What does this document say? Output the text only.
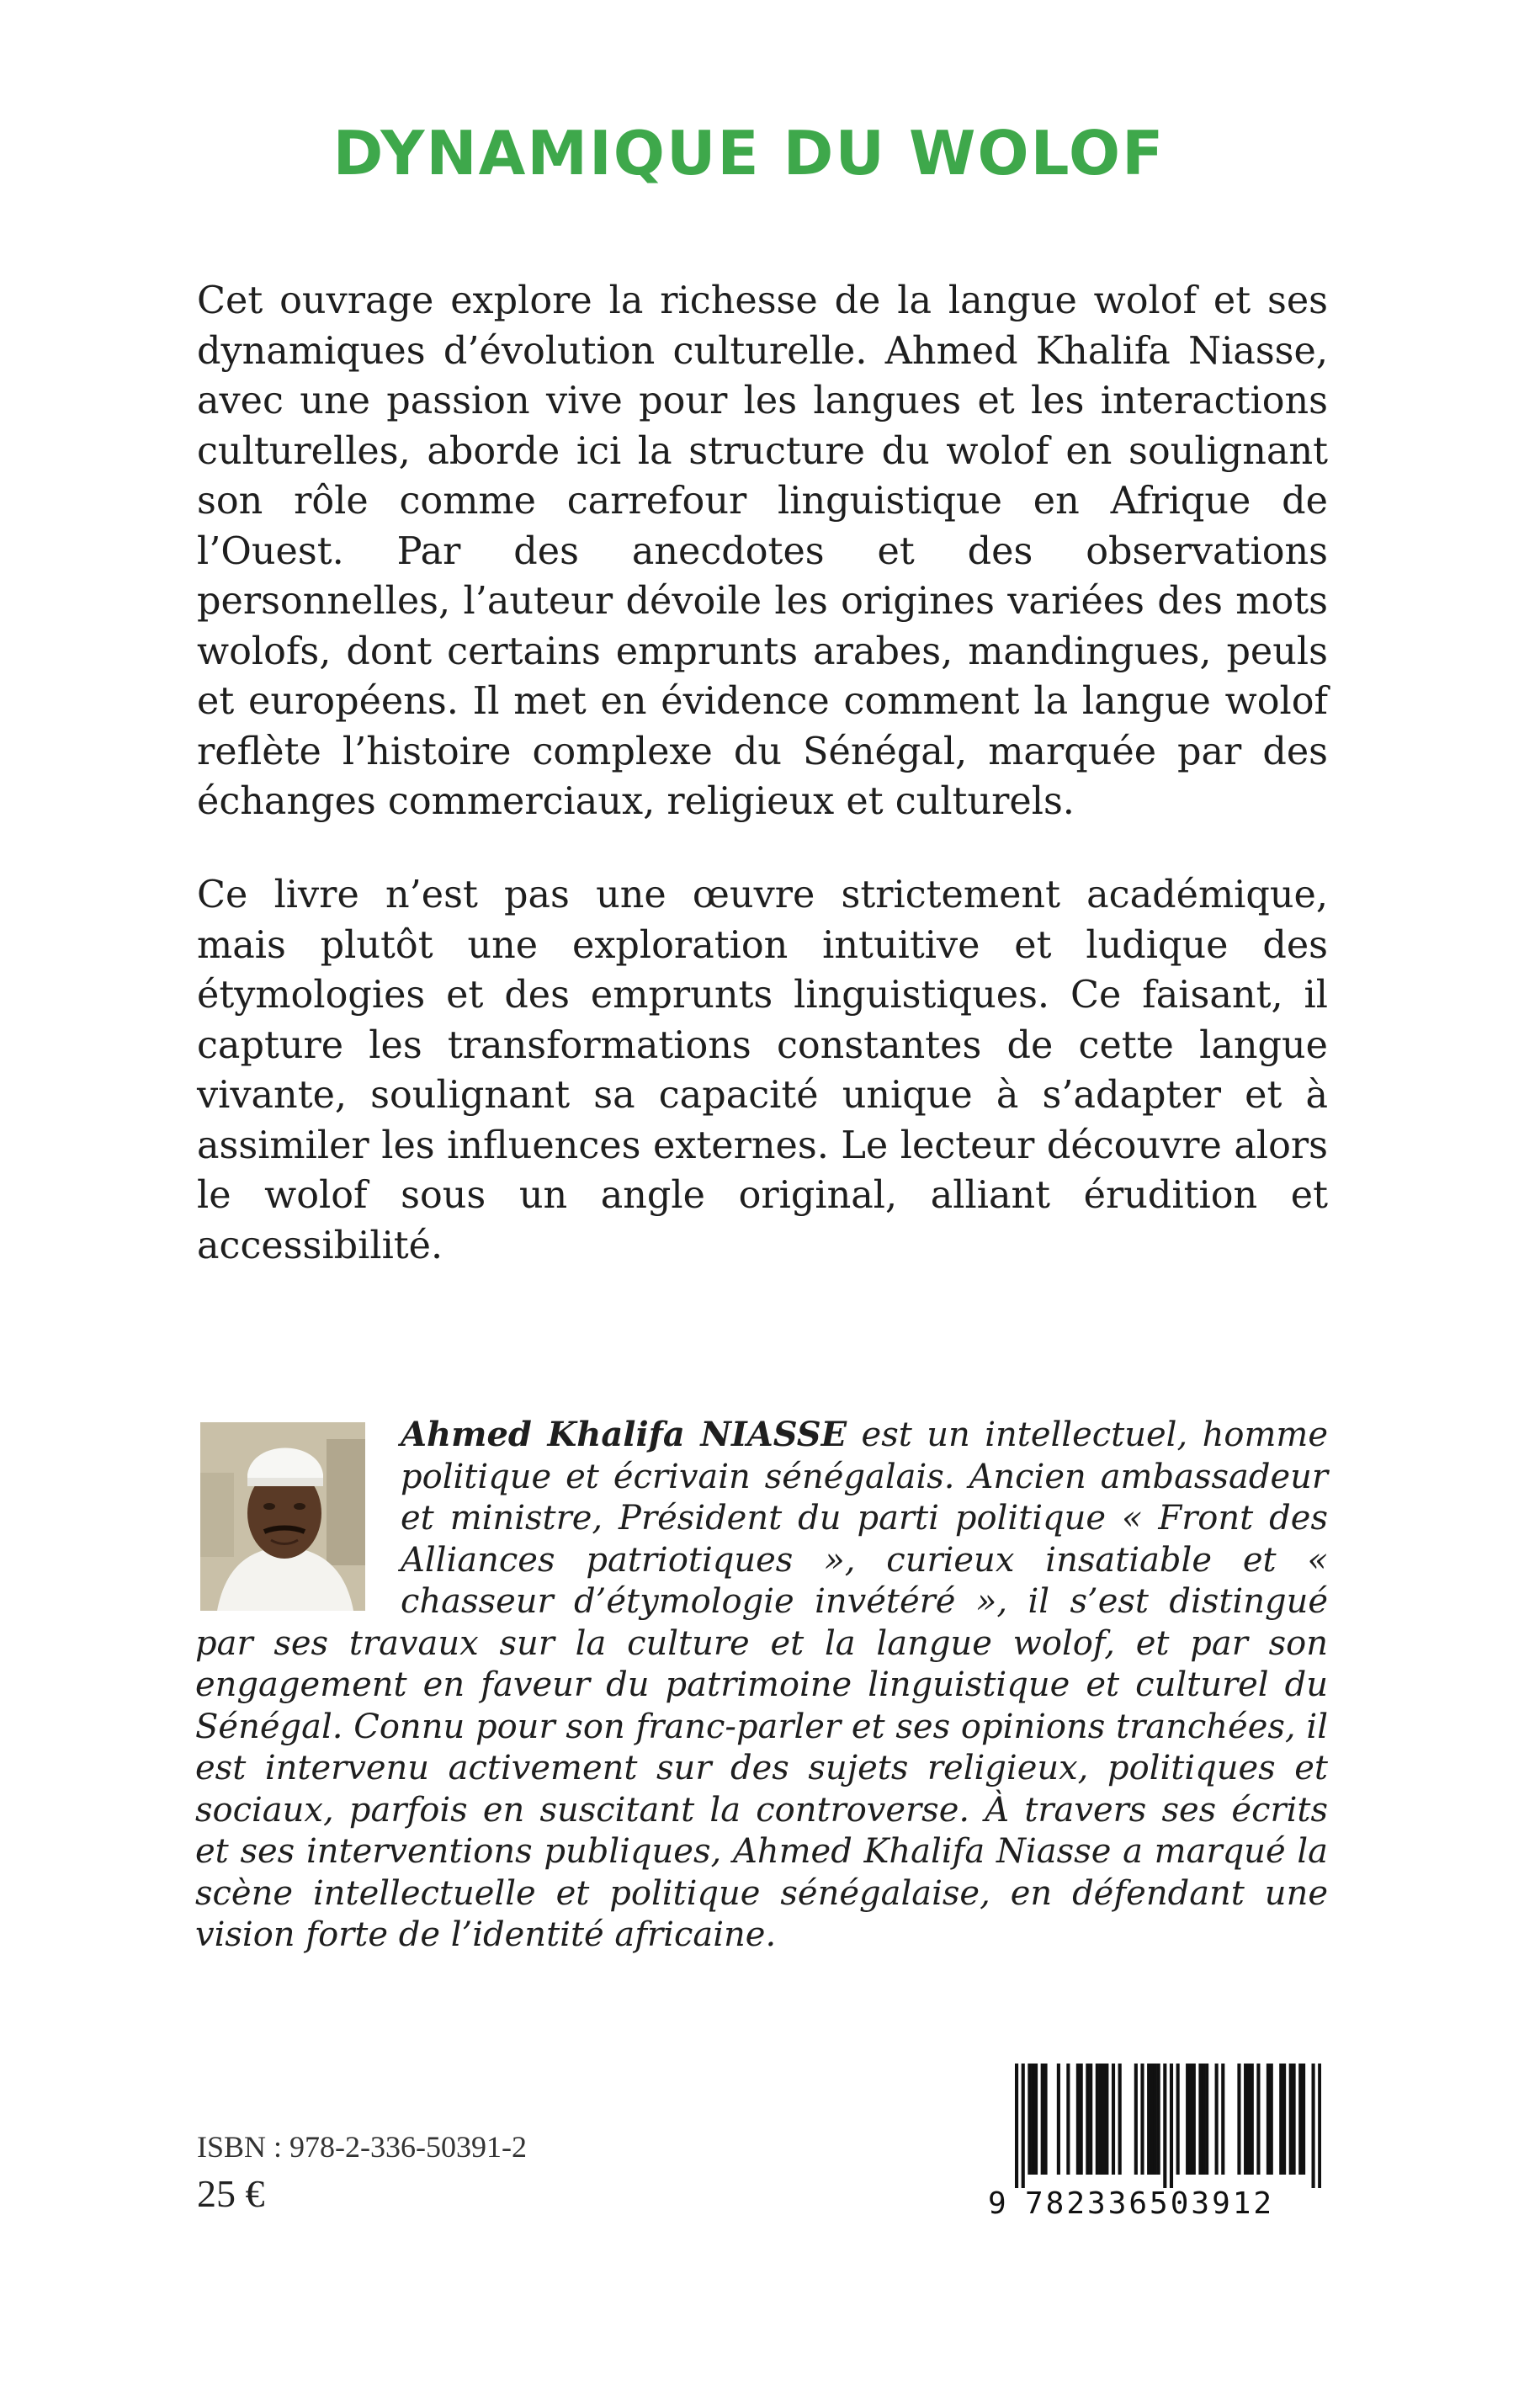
DYNAMIQUE DU WOLOF

Cet ouvrage explore la richesse de la langue wolof et ses dynamiques d’évolution culturelle. Ahmed Khalifa Niasse, avec une passion vive pour les langues et les interactions culturelles, aborde ici la structure du wolof en soulignant son rôle comme carrefour linguistique en Afrique de l’Ouest. Par des anecdotes et des observations personnelles, l’auteur dévoile les origines variées des mots wolofs, dont certains emprunts arabes, mandingues, peuls et européens. Il met en évidence comment la langue wolof reflète l’histoire complexe du Sénégal, marquée par des échanges commerciaux, religieux et culturels.

Ce livre n’est pas une œuvre strictement académique, mais plutôt une exploration intuitive et ludique des étymologies et des emprunts linguistiques. Ce faisant, il capture les transformations constantes de cette langue vivante, soulignant sa capacité unique à s’adapter et à assimiler les influences externes. Le lecteur découvre alors le wolof sous un angle original, alliant érudition et accessibilité.

Ahmed Khalifa NIASSE est un intellectuel, homme politique et écrivain sénégalais. Ancien ambassadeur et ministre, Président du parti politique « Front des Alliances patriotiques », curieux insatiable et « chasseur d’étymologie invétéré », il s’est distingué par ses travaux sur la culture et la langue wolof, et par son engagement en faveur du patrimoine linguistique et culturel du Sénégal. Connu pour son franc-parler et ses opinions tranchées, il est intervenu activement sur des sujets religieux, politiques et sociaux, parfois en suscitant la controverse. À travers ses écrits et ses interventions publiques, Ahmed Khalifa Niasse a marqué la scène intellectuelle et politique sénégalaise, en défendant une vision forte de l’identité africaine.

ISBN : 978-2-336-50391-2

25 €	9 782336503912
